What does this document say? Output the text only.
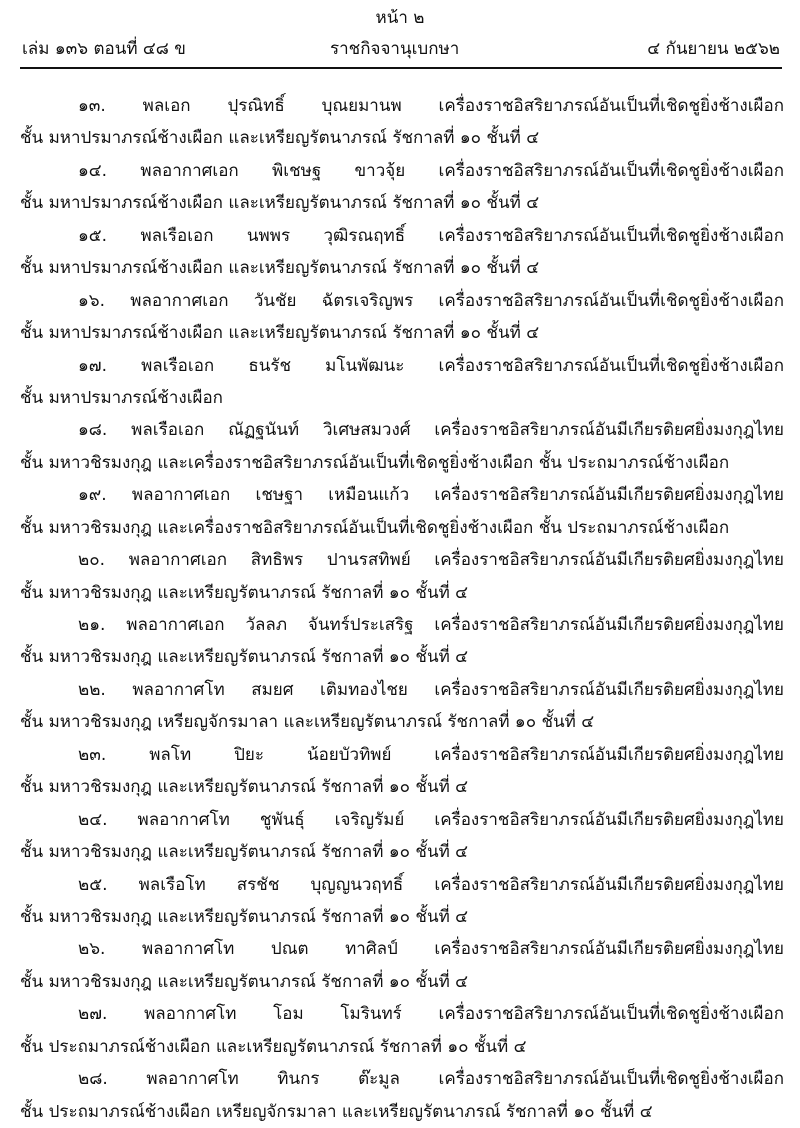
หน้า ๒
เล่ม ๑๓๖ ตอนที่ ๔๘ ข	ราชกิจจานุเบกษา	๔ กันยายน ๒๕๖๒
๑๓. พลเอก ปุรณิทธิ์ บุณยมานพ เครื่องราชอิสริยาภรณ์อันเป็นที่เชิดชูยิ่งช้างเผือก
ชั้น มหาปรมาภรณ์ช้างเผือก และเหรียญรัตนาภรณ์ รัชกาลที่ ๑๐ ชั้นที่ ๔
๑๔. พลอากาศเอก พิเชษฐ ขาวจุ้ย เครื่องราชอิสริยาภรณ์อันเป็นที่เชิดชูยิ่งช้างเผือก
ชั้น มหาปรมาภรณ์ช้างเผือก และเหรียญรัตนาภรณ์ รัชกาลที่ ๑๐ ชั้นที่ ๔
๑๕. พลเรือเอก นพพร วุฒิรณฤทธิ์ เครื่องราชอิสริยาภรณ์อันเป็นที่เชิดชูยิ่งช้างเผือก
ชั้น มหาปรมาภรณ์ช้างเผือก และเหรียญรัตนาภรณ์ รัชกาลที่ ๑๐ ชั้นที่ ๔
๑๖. พลอากาศเอก วันชัย ฉัตรเจริญพร เครื่องราชอิสริยาภรณ์อันเป็นที่เชิดชูยิ่งช้างเผือก
ชั้น มหาปรมาภรณ์ช้างเผือก และเหรียญรัตนาภรณ์ รัชกาลที่ ๑๐ ชั้นที่ ๔
๑๗. พลเรือเอก ธนรัช มโนพัฒนะ เครื่องราชอิสริยาภรณ์อันเป็นที่เชิดชูยิ่งช้างเผือก
ชั้น มหาปรมาภรณ์ช้างเผือก
๑๘. พลเรือเอก ณัฏฐนันท์ วิเศษสมวงศ์ เครื่องราชอิสริยาภรณ์อันมีเกียรติยศยิ่งมงกุฎไทย
ชั้น มหาวชิรมงกุฎ และเครื่องราชอิสริยาภรณ์อันเป็นที่เชิดชูยิ่งช้างเผือก ชั้น ประถมาภรณ์ช้างเผือก
๑๙. พลอากาศเอก เชษฐา เหมือนแก้ว เครื่องราชอิสริยาภรณ์อันมีเกียรติยศยิ่งมงกุฎไทย
ชั้น มหาวชิรมงกุฎ และเครื่องราชอิสริยาภรณ์อันเป็นที่เชิดชูยิ่งช้างเผือก ชั้น ประถมาภรณ์ช้างเผือก
๒๐. พลอากาศเอก สิทธิพร ปานรสทิพย์ เครื่องราชอิสริยาภรณ์อันมีเกียรติยศยิ่งมงกุฎไทย
ชั้น มหาวชิรมงกุฎ และเหรียญรัตนาภรณ์ รัชกาลที่ ๑๐ ชั้นที่ ๔
๒๑. พลอากาศเอก วัลลภ จันทร์ประเสริฐ เครื่องราชอิสริยาภรณ์อันมีเกียรติยศยิ่งมงกุฎไทย
ชั้น มหาวชิรมงกุฎ และเหรียญรัตนาภรณ์ รัชกาลที่ ๑๐ ชั้นที่ ๔
๒๒. พลอากาศโท สมยศ เติมทองไชย เครื่องราชอิสริยาภรณ์อันมีเกียรติยศยิ่งมงกุฎไทย
ชั้น มหาวชิรมงกุฎ เหรียญจักรมาลา และเหรียญรัตนาภรณ์ รัชกาลที่ ๑๐ ชั้นที่ ๔
๒๓. พลโท ปิยะ น้อยบัวทิพย์ เครื่องราชอิสริยาภรณ์อันมีเกียรติยศยิ่งมงกุฎไทย
ชั้น มหาวชิรมงกุฎ และเหรียญรัตนาภรณ์ รัชกาลที่ ๑๐ ชั้นที่ ๔
๒๔. พลอากาศโท ชูพันธุ์ เจริญรัมย์ เครื่องราชอิสริยาภรณ์อันมีเกียรติยศยิ่งมงกุฎไทย
ชั้น มหาวชิรมงกุฎ และเหรียญรัตนาภรณ์ รัชกาลที่ ๑๐ ชั้นที่ ๔
๒๕. พลเรือโท สรชัช บุญญนวฤทธิ์ เครื่องราชอิสริยาภรณ์อันมีเกียรติยศยิ่งมงกุฎไทย
ชั้น มหาวชิรมงกุฎ และเหรียญรัตนาภรณ์ รัชกาลที่ ๑๐ ชั้นที่ ๔
๒๖. พลอากาศโท ปณต ทาศิลป์ เครื่องราชอิสริยาภรณ์อันมีเกียรติยศยิ่งมงกุฎไทย
ชั้น มหาวชิรมงกุฎ และเหรียญรัตนาภรณ์ รัชกาลที่ ๑๐ ชั้นที่ ๔
๒๗. พลอากาศโท โอม โมรินทร์ เครื่องราชอิสริยาภรณ์อันเป็นที่เชิดชูยิ่งช้างเผือก
ชั้น ประถมาภรณ์ช้างเผือก และเหรียญรัตนาภรณ์ รัชกาลที่ ๑๐ ชั้นที่ ๔
๒๘. พลอากาศโท ทินกร ต๊ะมูล เครื่องราชอิสริยาภรณ์อันเป็นที่เชิดชูยิ่งช้างเผือก
ชั้น ประถมาภรณ์ช้างเผือก เหรียญจักรมาลา และเหรียญรัตนาภรณ์ รัชกาลที่ ๑๐ ชั้นที่ ๔
